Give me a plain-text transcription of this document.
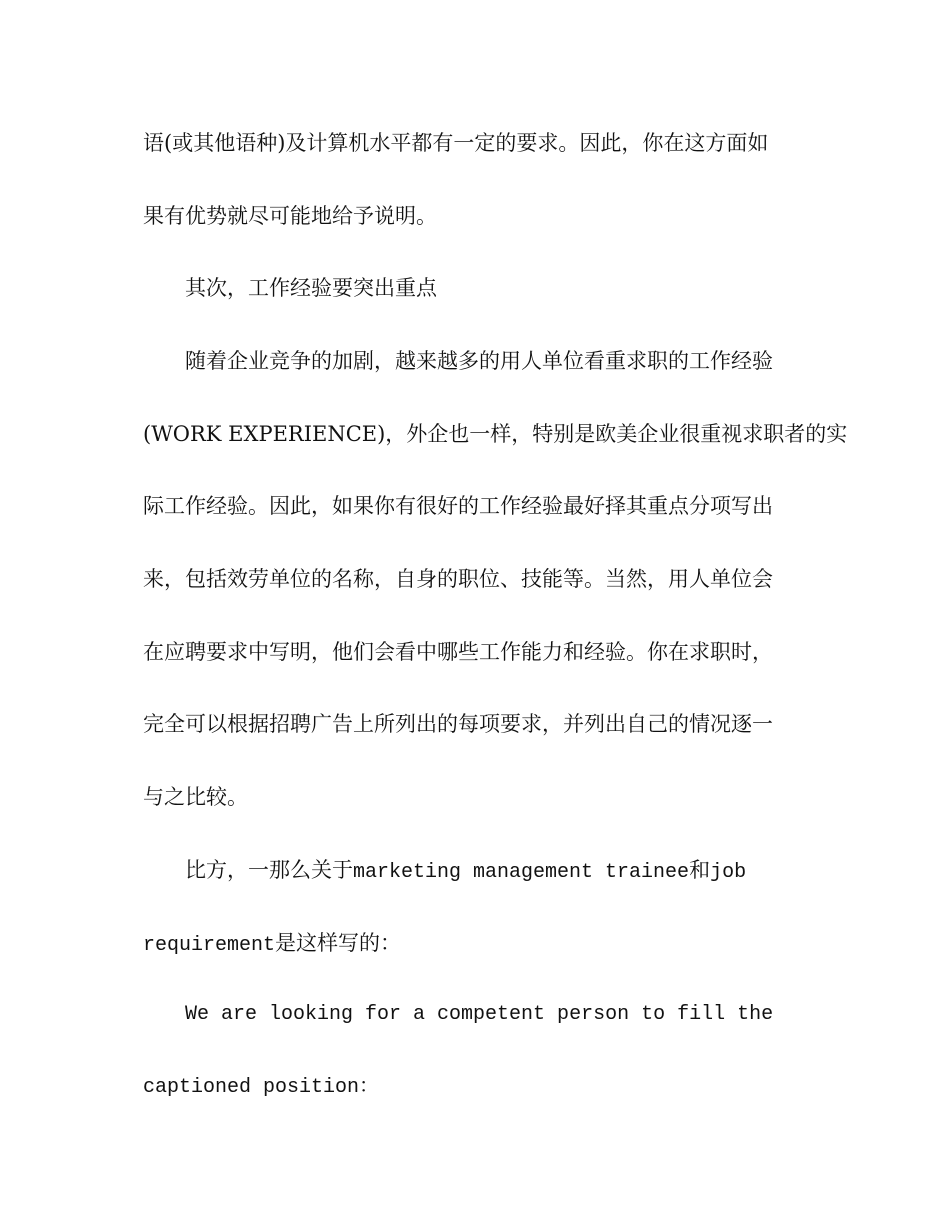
语(或其他语种)及计算机水平都有一定的要求。因此，你在这方面如

果有优势就尽可能地给予说明。

其次，工作经验要突出重点

随着企业竞争的加剧，越来越多的用人单位看重求职的工作经验

(WORK EXPERIENCE)，外企也一样，特别是欧美企业很重视求职者的实

际工作经验。因此，如果你有很好的工作经验最好择其重点分项写出

来，包括效劳单位的名称，自身的职位、技能等。当然，用人单位会

在应聘要求中写明，他们会看中哪些工作能力和经验。你在求职时，

完全可以根据招聘广告上所列出的每项要求，并列出自己的情况逐一

与之比较。

比方，一那么关于marketing management trainee和job

requirement是这样写的：

We are looking for a competent person to fill the

captioned position：
